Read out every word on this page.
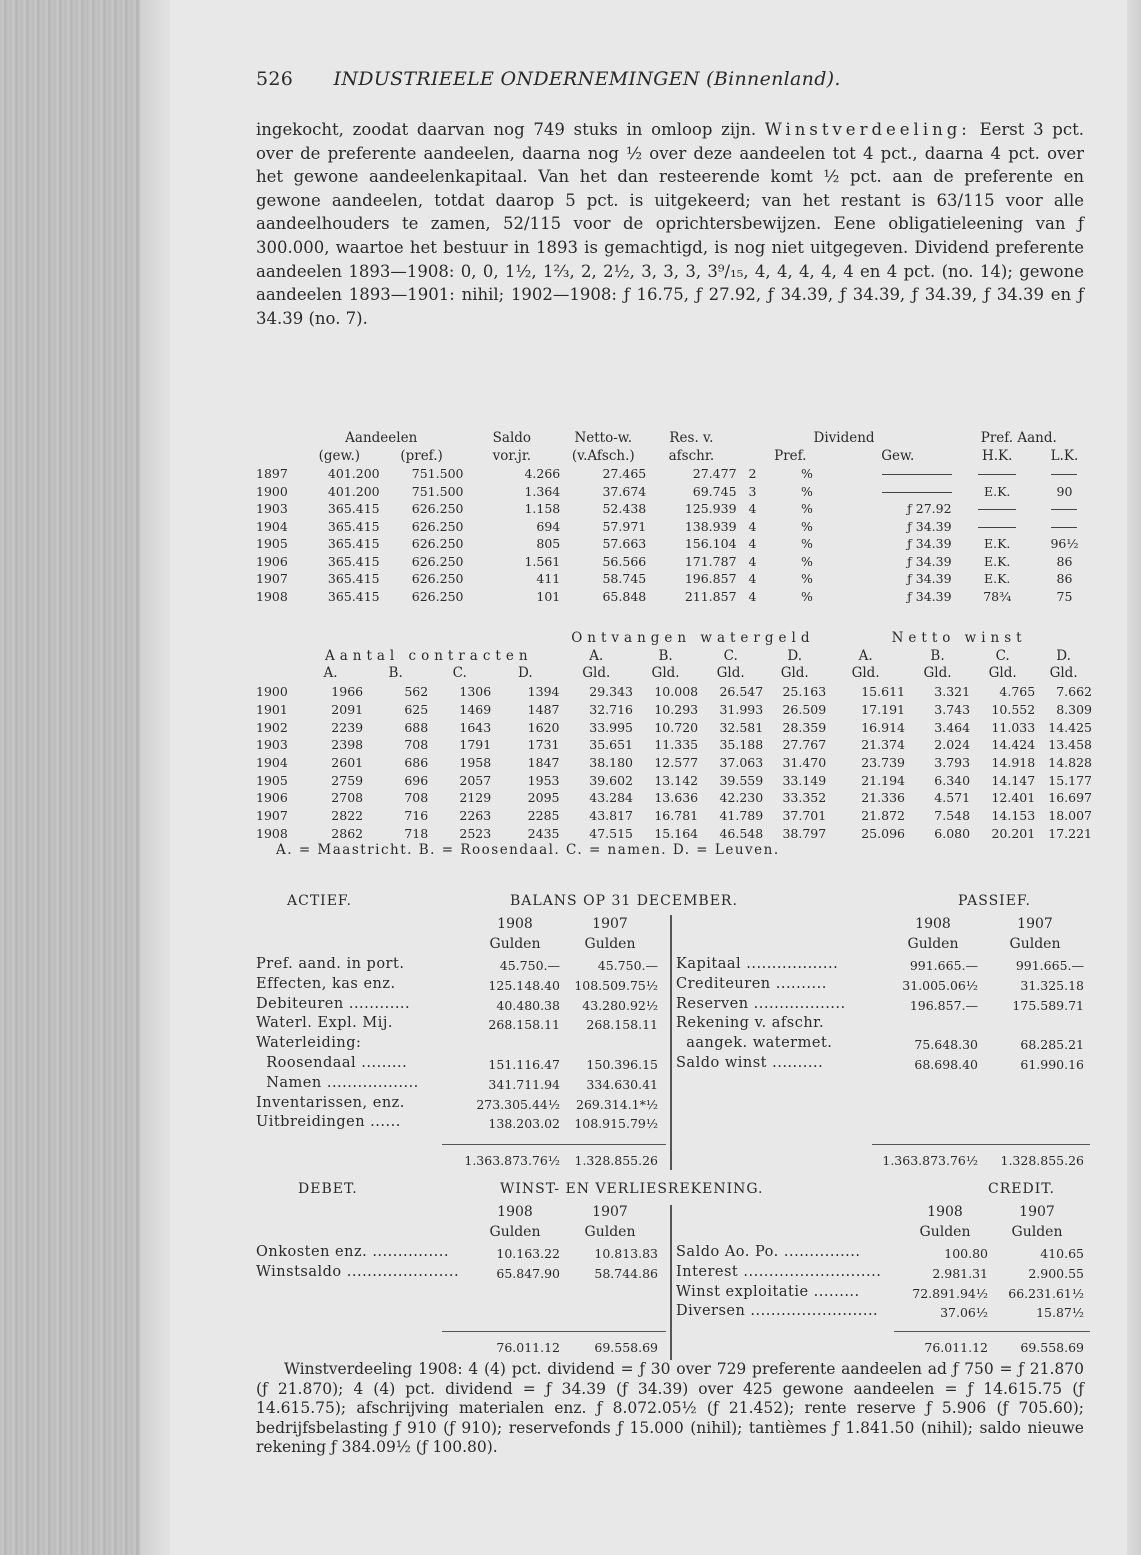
526 INDUSTRIEELE ONDERNEMINGEN (Binnenland).
ingekocht, zoodat daarvan nog 749 stuks in omloop zijn. Winstverdeeling: Eerst 3 pct. over de preferente aandeelen, daarna nog ½ over deze aandeelen tot 4 pct., daarna 4 pct. over het gewone aandeelenkapitaal. Van het dan resteerende komt ½ pct. aan de preferente en gewone aandeelen, totdat daarop 5 pct. is uitgekeerd; van het restant is 63/115 voor alle aandeelhouders te zamen, 52/115 voor de oprichtersbewijzen. Eene obligatieleening van ƒ 300.000, waartoe het bestuur in 1893 is gemachtigd, is nog niet uitgegeven. Dividend preferente aandeelen 1893—1908: 0, 0, 1½, 1⅔, 2, 2½, 3, 3, 3, 3⁹/₁₅, 4, 4, 4, 4, 4 en 4 pct. (no. 14); gewone aandeelen 1893—1901: nihil; 1902—1908: ƒ 16.75, ƒ 27.92, ƒ 34.39, ƒ 34.39, ƒ 34.39, ƒ 34.39 en ƒ 34.39 (no. 7).
	Aandeelen		Saldo	Netto-w.	Res. v.	Dividend			Pref. Aand.	
	(gew.)	(pref.)	vor.jr.	(v.Afsch.)	afschr.	Pref.		Gew.	H.K.	L.K.
1897	401.200	751.500	4.266	27.465	27.477	2	%			
1900	401.200	751.500	1.364	37.674	69.745	3	%		E.K.	90
1903	365.415	626.250	1.158	52.438	125.939	4	%	ƒ 27.92		
1904	365.415	626.250	694	57.971	138.939	4	%	ƒ 34.39		
1905	365.415	626.250	805	57.663	156.104	4	%	ƒ 34.39	E.K.	96½
1906	365.415	626.250	1.561	56.566	171.787	4	%	ƒ 34.39	E.K.	86
1907	365.415	626.250	411	58.745	196.857	4	%	ƒ 34.39	E.K.	86
1908	365.415	626.250	101	65.848	211.857	4	%	ƒ 34.39	78¾	75
					Ontvangen watergeld				Netto winst			
	Aantal contracten				A.	B.	C.	D.	A.	B.	C.	D.
	A.	B.	C.	D.	Gld.	Gld.	Gld.	Gld.	Gld.	Gld.	Gld.	Gld.
1900	1966	562	1306	1394	29.343	10.008	26.547	25.163	15.611	3.321	4.765	7.662
1901	2091	625	1469	1487	32.716	10.293	31.993	26.509	17.191	3.743	10.552	8.309
1902	2239	688	1643	1620	33.995	10.720	32.581	28.359	16.914	3.464	11.033	14.425
1903	2398	708	1791	1731	35.651	11.335	35.188	27.767	21.374	2.024	14.424	13.458
1904	2601	686	1958	1847	38.180	12.577	37.063	31.470	23.739	3.793	14.918	14.828
1905	2759	696	2057	1953	39.602	13.142	39.559	33.149	21.194	6.340	14.147	15.177
1906	2708	708	2129	2095	43.284	13.636	42.230	33.352	21.336	4.571	12.401	16.697
1907	2822	716	2263	2285	43.817	16.781	41.789	37.701	21.872	7.548	14.153	18.007
1908	2862	718	2523	2435	47.515	15.164	46.548	38.797	25.096	6.080	20.201	17.221
A. = Maastricht. B. = Roosendaal. C. = namen. D. = Leuven.												
ACTIEF.	BALANS OP 31 DECEMBER.	PASSIEF.
1908	1907
Gulden	Gulden
1908	1907
Gulden	Gulden
Pref. aand. in port.	45.750.—	45.750.—
Effecten, kas enz.	125.148.40	108.509.75½
Debiteuren ............	40.480.38	43.280.92½
Waterl. Expl. Mij.	268.158.11	268.158.11
Waterleiding:
Roosendaal .........	151.116.47	150.396.15
Namen ..................	341.711.94	334.630.41
Inventarissen, enz.	273.305.44½	269.314.1*½
Uitbreidingen ......	138.203.02	108.915.79½
Kapitaal ..................	991.665.—	991.665.—
Crediteuren ..........	31.005.06½	31.325.18
Reserven ..................	196.857.—	175.589.71
Rekening v. afschr.
aangek. watermet.	75.648.30	68.285.21
Saldo winst ..........	68.698.40	61.990.16
1.363.873.76½	1.328.855.26	1.363.873.76½	1.328.855.26
DEBET.	WINST- EN VERLIESREKENING.	CREDIT.
1908	1907
Gulden	Gulden
1908	1907
Gulden	Gulden
Onkosten enz. ...............	10.163.22	10.813.83
Winstsaldo ......................	65.847.90	58.744.86
Saldo Ao. Po. ...............	100.80	410.65
Interest ...........................	2.981.31	2.900.55
Winst exploitatie .........	72.891.94½	66.231.61½
Diversen .........................	37.06½	15.87½
76.011.12	69.558.69	76.011.12	69.558.69
Winstverdeeling 1908: 4 (4) pct. dividend = ƒ 30 over 729 preferente aandeelen ad ƒ 750 = ƒ 21.870 (ƒ 21.870); 4 (4) pct. dividend = ƒ 34.39 (ƒ 34.39) over 425 gewone aandeelen = ƒ 14.615.75 (ƒ 14.615.75); afschrijving materialen enz. ƒ 8.072.05½ (ƒ 21.452); rente reserve ƒ 5.906 (ƒ 705.60); bedrijfsbelasting ƒ 910 (ƒ 910); reservefonds ƒ 15.000 (nihil); tantièmes ƒ 1.841.50 (nihil); saldo nieuwe rekening ƒ 384.09½ (ƒ 100.80).
